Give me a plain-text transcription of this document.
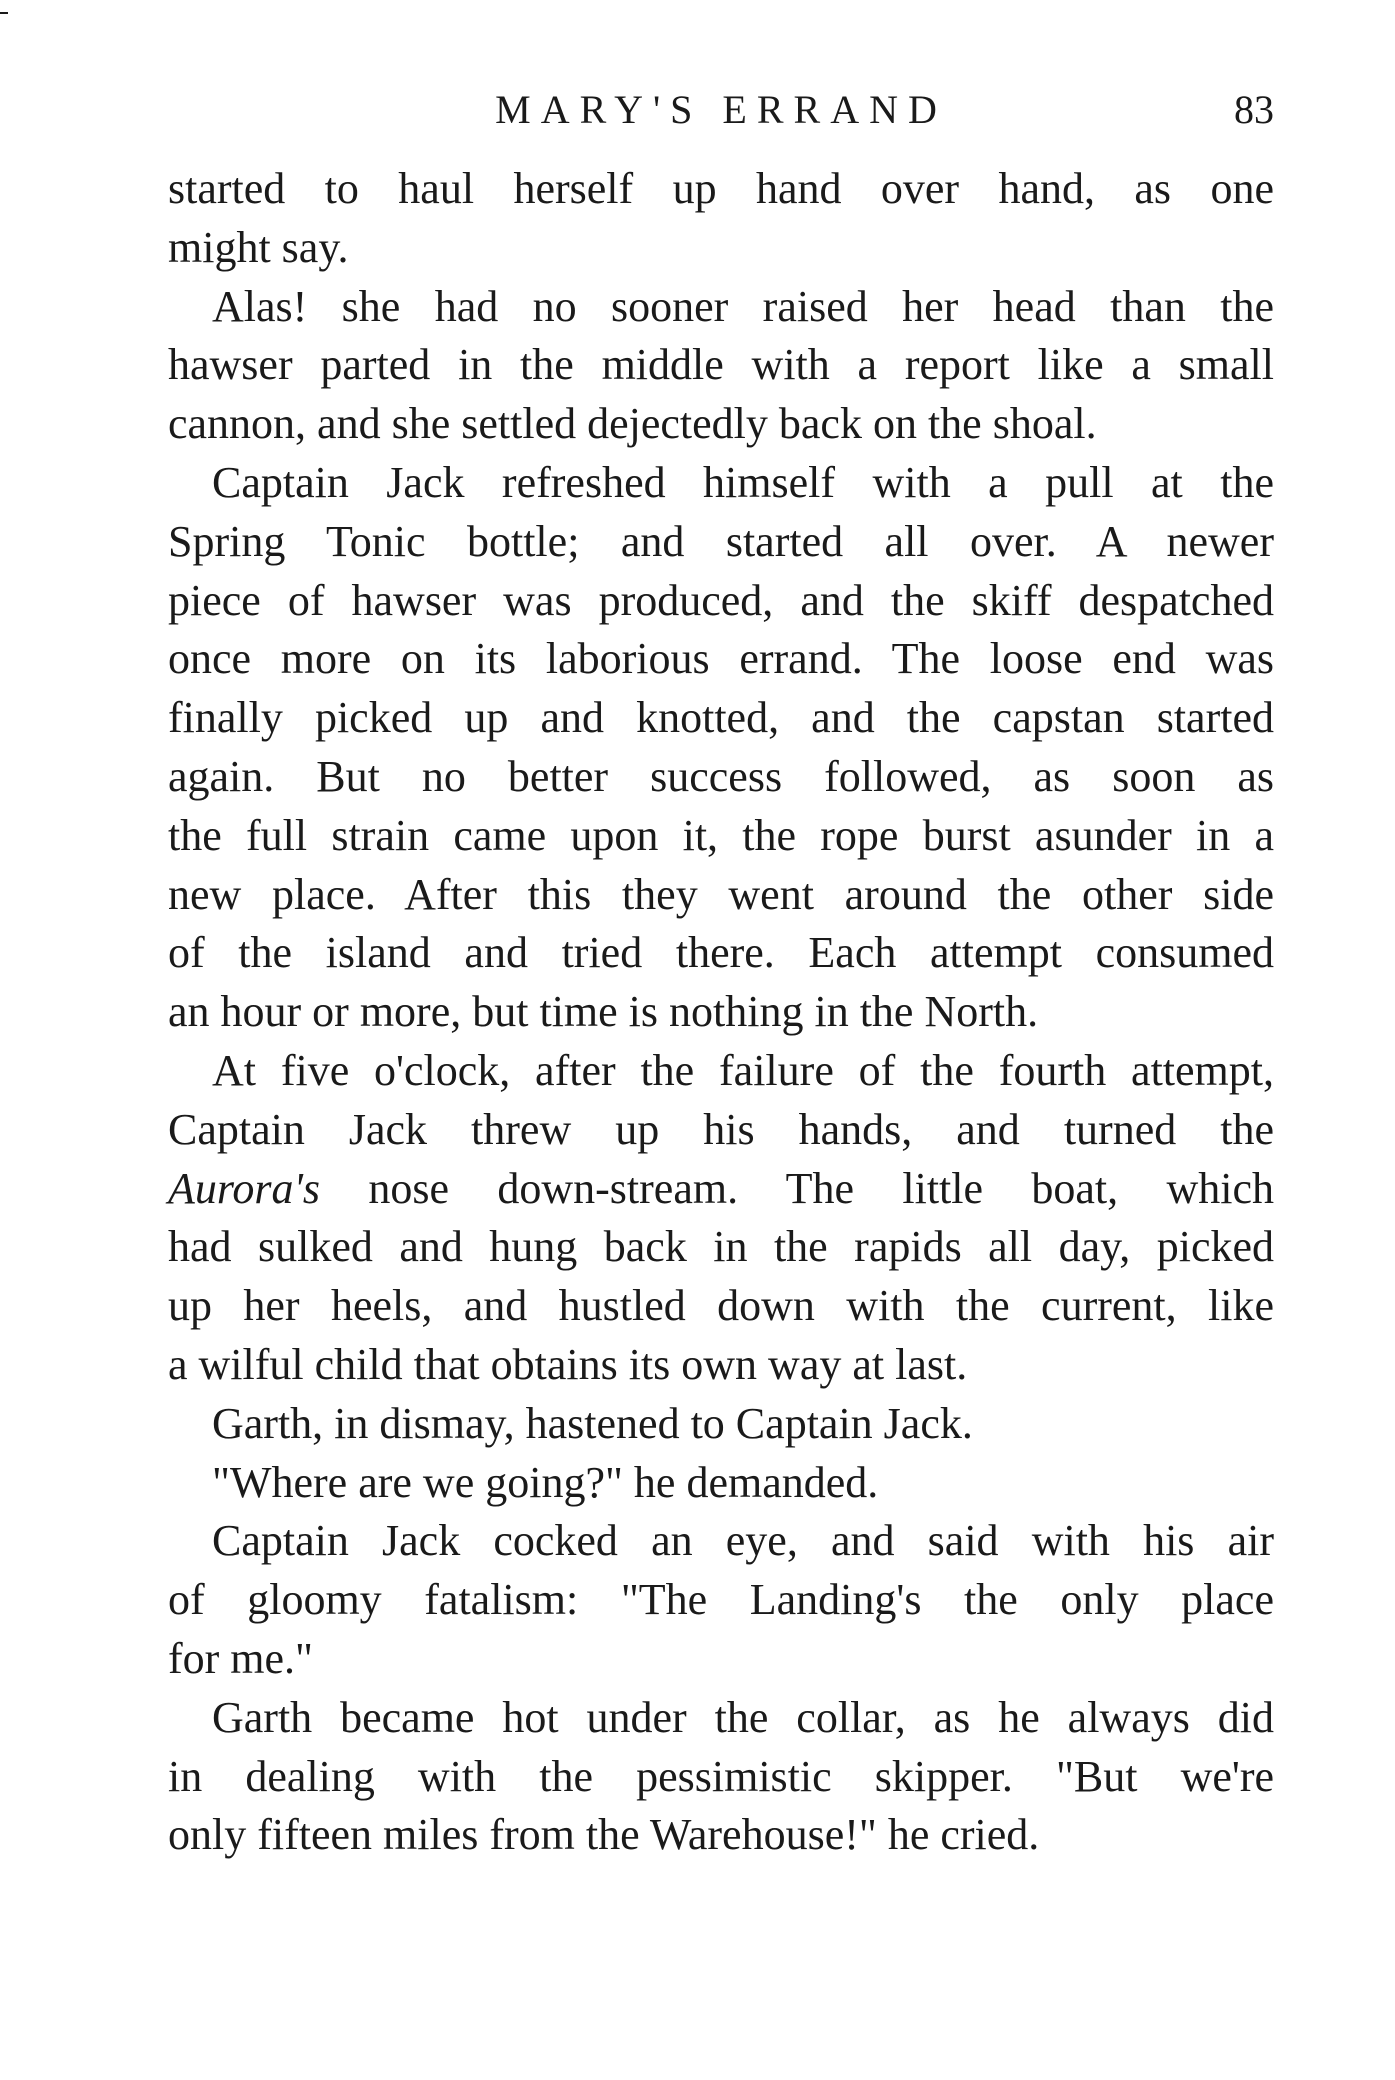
MARY'S ERRAND	83

started to haul herself up hand over hand, as one
might say.

Alas! she had no sooner raised her head than the
hawser parted in the middle with a report like a small
cannon, and she settled dejectedly back on the shoal.

Captain Jack refreshed himself with a pull at the
Spring Tonic bottle; and started all over. A newer
piece of hawser was produced, and the skiff despatched
once more on its laborious errand. The loose end was
finally picked up and knotted, and the capstan started
again. But no better success followed, as soon as
the full strain came upon it, the rope burst asunder in a
new place. After this they went around the other side
of the island and tried there. Each attempt consumed
an hour or more, but time is nothing in the North.

At five o'clock, after the failure of the fourth attempt,
Captain Jack threw up his hands, and turned the
Aurora's nose down-stream. The little boat, which
had sulked and hung back in the rapids all day, picked
up her heels, and hustled down with the current, like
a wilful child that obtains its own way at last.

Garth, in dismay, hastened to Captain Jack.

"Where are we going?" he demanded.

Captain Jack cocked an eye, and said with his air
of gloomy fatalism: "The Landing's the only place
for me."

Garth became hot under the collar, as he always did
in dealing with the pessimistic skipper. "But we're
only fifteen miles from the Warehouse!" he cried.
